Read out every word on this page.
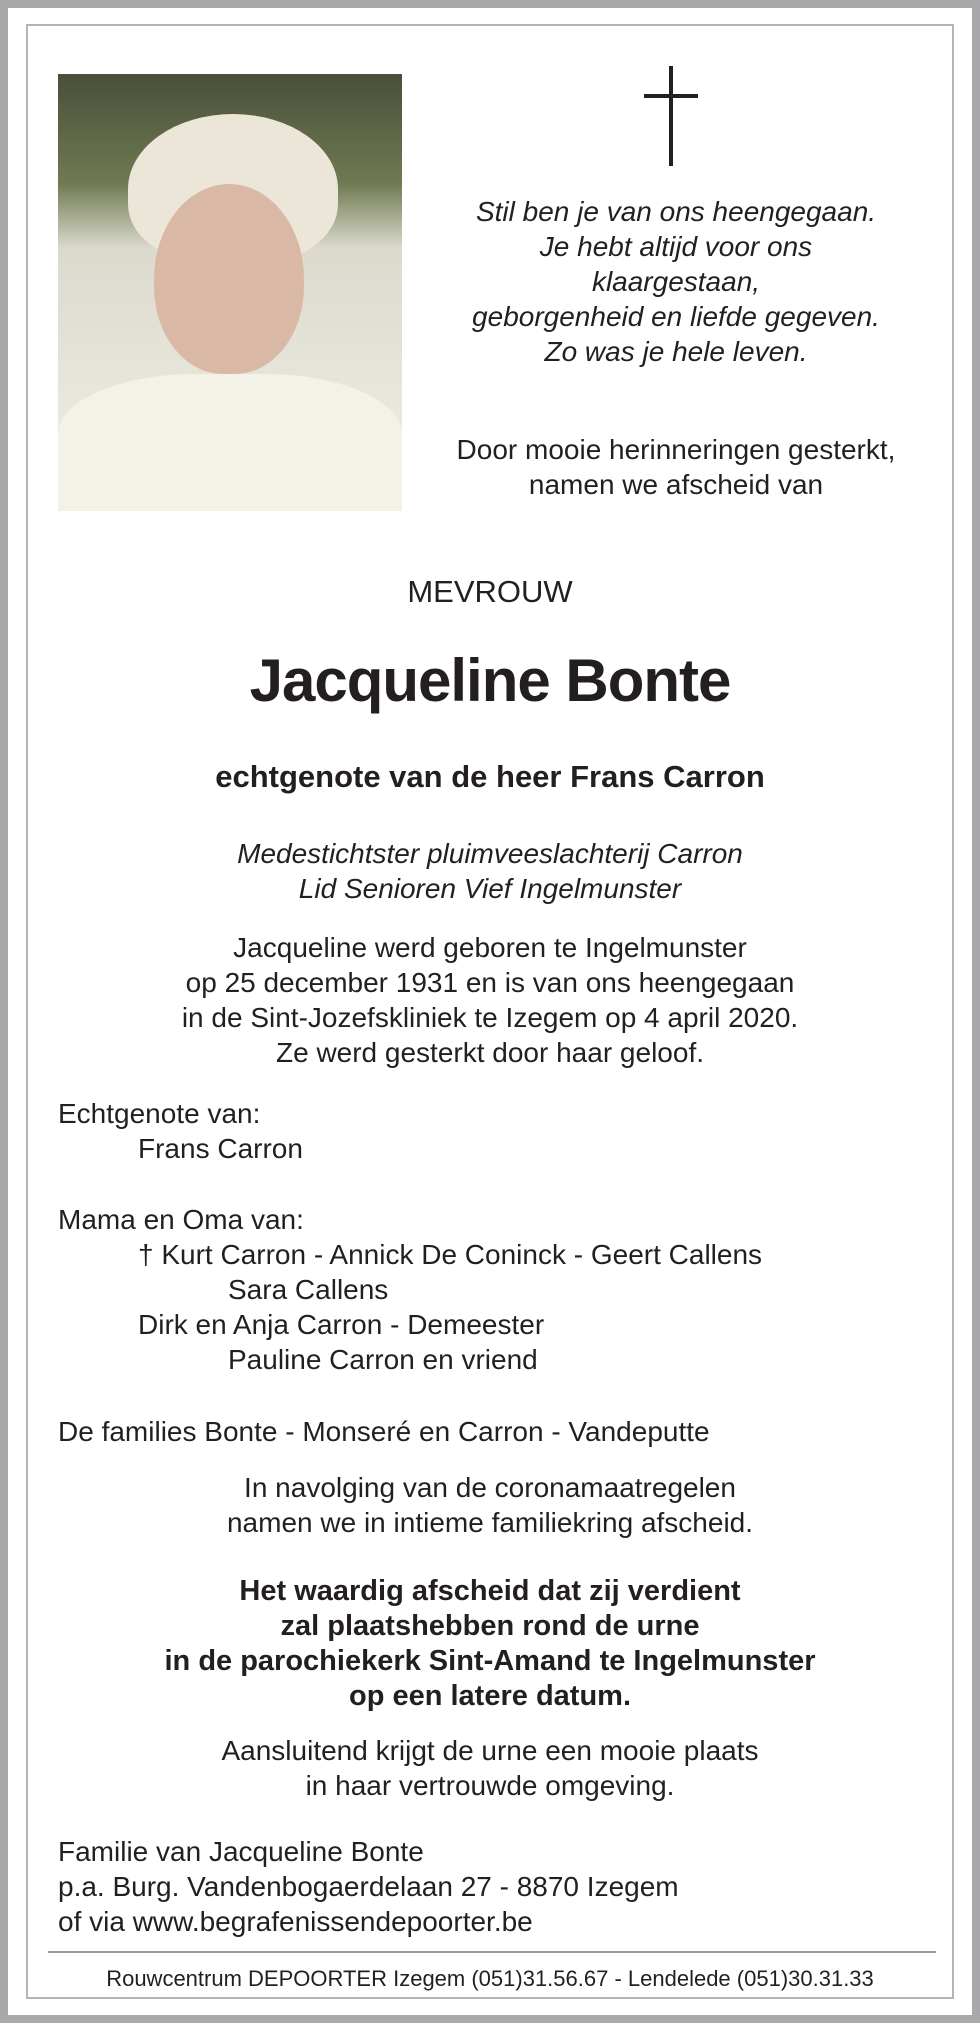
Stil ben je van ons heengegaan.
Je hebt altijd voor ons
klaargestaan,
geborgenheid en liefde gegeven.
Zo was je hele leven.
Door mooie herinneringen gesterkt,
namen we afscheid van
MEVROUW
Jacqueline Bonte
echtgenote van de heer Frans Carron
Medestichtster pluimveeslachterij Carron
Lid Senioren Vief Ingelmunster
Jacqueline werd geboren te Ingelmunster
op 25 december 1931 en is van ons heengegaan
in de Sint-Jozefskliniek te Izegem op 4 april 2020.
Ze werd gesterkt door haar geloof.
Echtgenote van:
Frans Carron
Mama en Oma van:
† Kurt Carron - Annick De Coninck - Geert Callens
Sara Callens
Dirk en Anja Carron - Demeester
Pauline Carron en vriend
De families Bonte - Monseré en Carron - Vandeputte
In navolging van de coronamaatregelen
namen we in intieme familiekring afscheid.
Het waardig afscheid dat zij verdient
zal plaatshebben rond de urne
in de parochiekerk Sint-Amand te Ingelmunster
op een latere datum.
Aansluitend krijgt de urne een mooie plaats
in haar vertrouwde omgeving.
Familie van Jacqueline Bonte
p.a. Burg. Vandenbogaerdelaan 27 - 8870 Izegem
of via www.begrafenissendepoorter.be
Rouwcentrum DEPOORTER Izegem (051)31.56.67 - Lendelede (051)30.31.33
